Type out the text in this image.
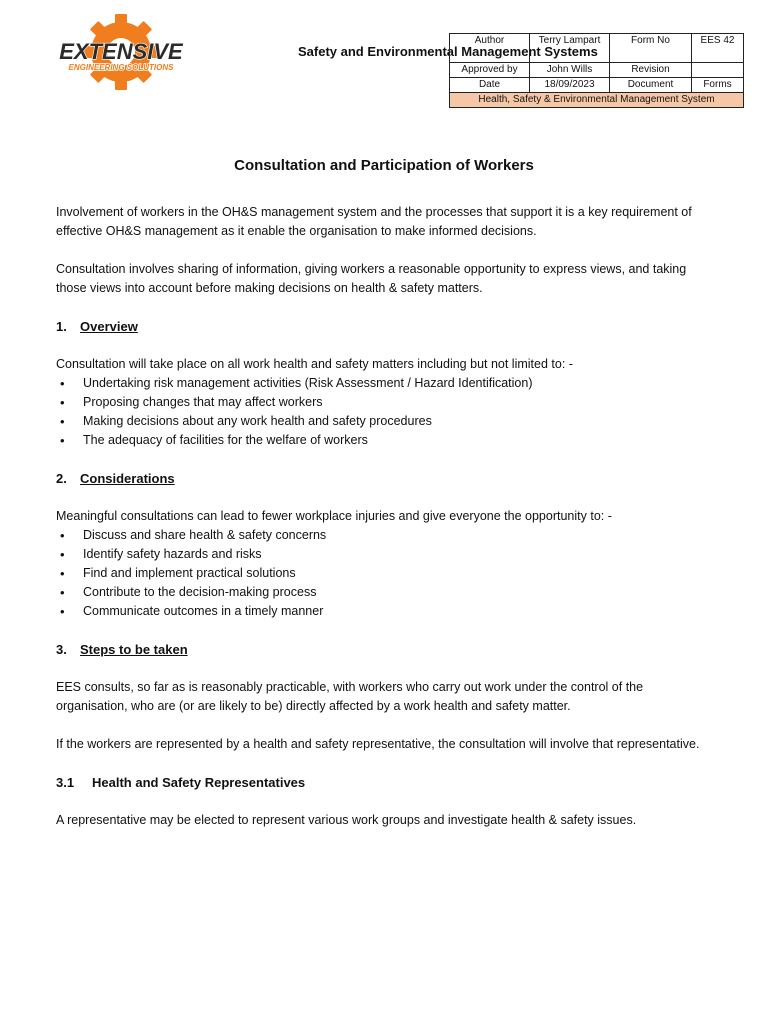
EXTENSIVE
ENGINEERING SOLUTIONS
Safety and Environmental Management Systems
Author	Terry Lampart	Form No	EES 42
Approved by	John Wills	Revision	
Date	18/09/2023	Document	Forms
Health, Safety & Environmental Management System			
Consultation and Participation of Workers

Involvement of workers in the OH&S management system and the processes that support it is a key requirement of effective OH&S management as it enable the organisation to make informed decisions.

Consultation involves sharing of information, giving workers a reasonable opportunity to express views, and taking those views into account before making decisions on health & safety matters.

1.	Overview

Consultation will take place on all work health and safety matters including but not limited to: -

• Undertaking risk management activities (Risk Assessment / Hazard Identification)
• Proposing changes that may affect workers
• Making decisions about any work health and safety procedures
• The adequacy of facilities for the welfare of workers
2.	Considerations

Meaningful consultations can lead to fewer workplace injuries and give everyone the opportunity to: -

• Discuss and share health & safety concerns
• Identify safety hazards and risks
• Find and implement practical solutions
• Contribute to the decision-making process
• Communicate outcomes in a timely manner
3.	Steps to be taken

EES consults, so far as is reasonably practicable, with workers who carry out work under the control of the organisation, who are (or are likely to be) directly affected by a work health and safety matter.

If the workers are represented by a health and safety representative, the consultation will involve that representative.

3.1	Health and Safety Representatives

A representative may be elected to represent various work groups and investigate health & safety issues.
